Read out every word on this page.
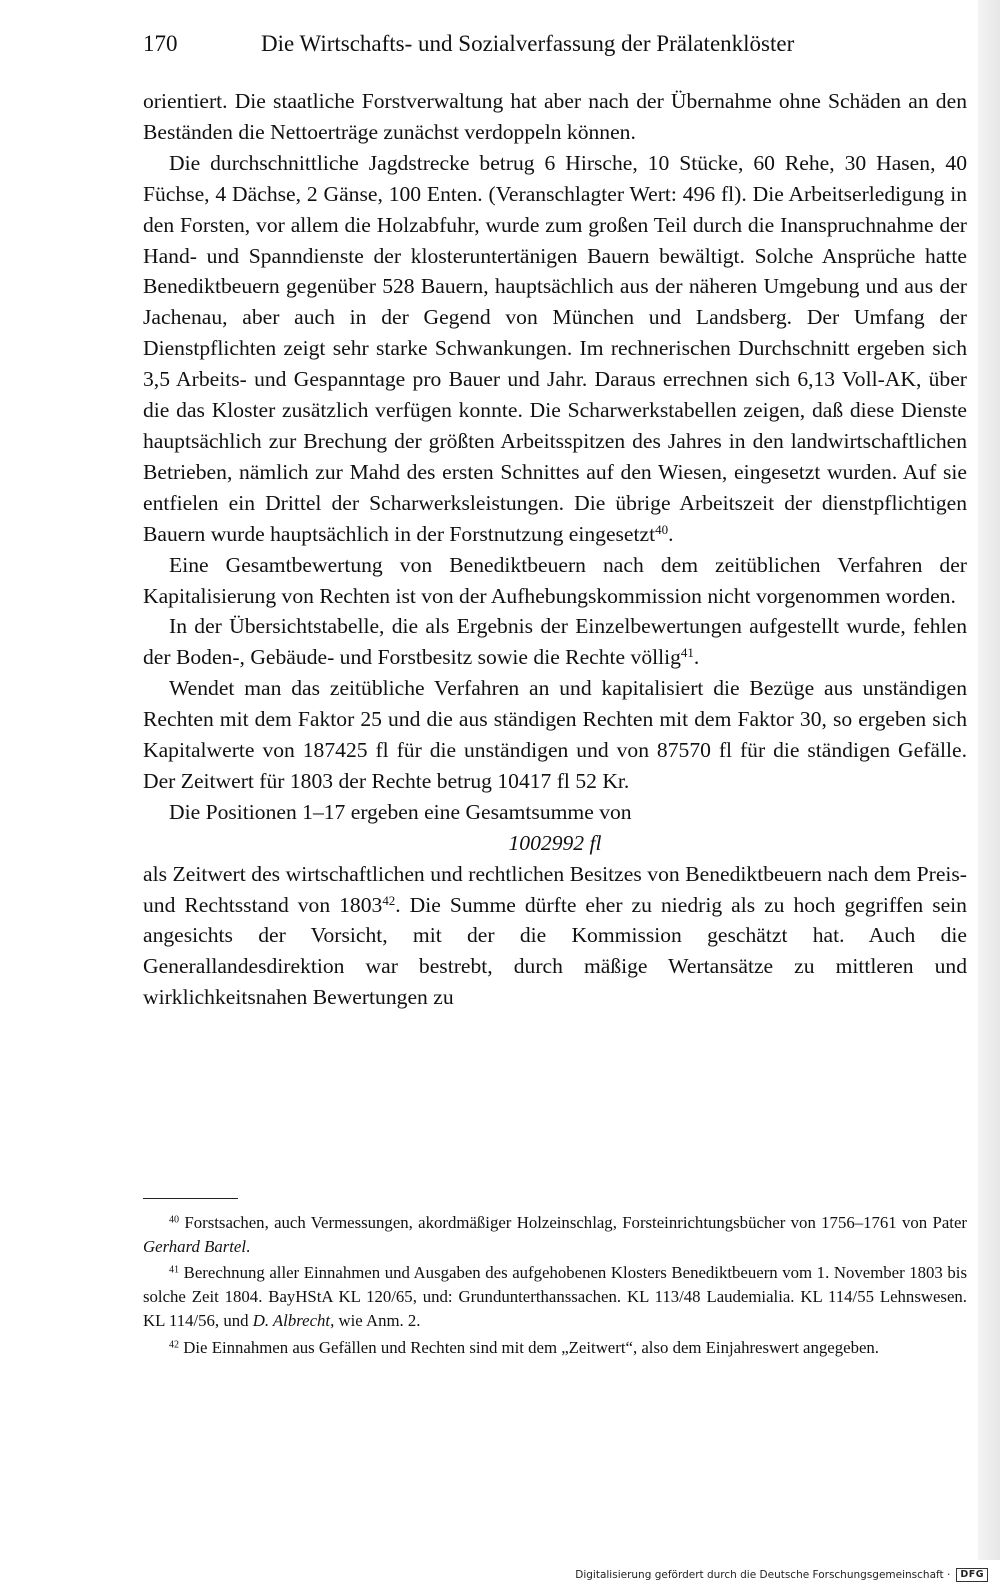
170	Die Wirtschafts- und Sozialverfassung der Prälatenklöster

orientiert. Die staatliche Forstverwaltung hat aber nach der Übernahme ohne Schäden an den Beständen die Nettoerträge zunächst verdoppeln können.

Die durchschnittliche Jagdstrecke betrug 6 Hirsche, 10 Stücke, 60 Rehe, 30 Hasen, 40 Füchse, 4 Dächse, 2 Gänse, 100 Enten. (Veranschlagter Wert: 496 fl). Die Arbeitserledigung in den Forsten, vor allem die Holzabfuhr, wurde zum großen Teil durch die Inanspruchnahme der Hand- und Spanndienste der klosteruntertänigen Bauern bewältigt. Solche Ansprüche hatte Benediktbeuern gegenüber 528 Bauern, hauptsächlich aus der näheren Umgebung und aus der Jachenau, aber auch in der Gegend von München und Landsberg. Der Umfang der Dienstpflichten zeigt sehr starke Schwankungen. Im rechnerischen Durchschnitt ergeben sich 3,5 Arbeits- und Gespanntage pro Bauer und Jahr. Daraus errechnen sich 6,13 Voll-AK, über die das Kloster zusätzlich verfügen konnte. Die Scharwerkstabellen zeigen, daß diese Dienste hauptsächlich zur Brechung der größten Arbeitsspitzen des Jahres in den landwirtschaftlichen Betrieben, nämlich zur Mahd des ersten Schnittes auf den Wiesen, eingesetzt wurden. Auf sie entfielen ein Drittel der Scharwerksleistungen. Die übrige Arbeitszeit der dienstpflichtigen Bauern wurde hauptsächlich in der Forstnutzung eingesetzt$^{40}$.

Eine Gesamtbewertung von Benediktbeuern nach dem zeitüblichen Verfahren der Kapitalisierung von Rechten ist von der Aufhebungskommission nicht vorgenommen worden.

In der Übersichtstabelle, die als Ergebnis der Einzelbewertungen aufgestellt wurde, fehlen der Boden-, Gebäude- und Forstbesitz sowie die Rechte völlig$^{41}$.

Wendet man das zeitübliche Verfahren an und kapitalisiert die Bezüge aus unständigen Rechten mit dem Faktor 25 und die aus ständigen Rechten mit dem Faktor 30, so ergeben sich Kapitalwerte von 187425 fl für die unständigen und von 87570 fl für die ständigen Gefälle. Der Zeitwert für 1803 der Rechte betrug 10417 fl 52 Kr.

Die Positionen 1–17 ergeben eine Gesamtsumme von

1002992 fl

als Zeitwert des wirtschaftlichen und rechtlichen Besitzes von Benediktbeuern nach dem Preis- und Rechtsstand von 1803$^{42}$. Die Summe dürfte eher zu niedrig als zu hoch gegriffen sein angesichts der Vorsicht, mit der die Kommission geschätzt hat. Auch die Generallandesdirektion war bestrebt, durch mäßige Wertansätze zu mittleren und wirklichkeitsnahen Bewertungen zu

$^{40}$ Forstsachen, auch Vermessungen, akordmäßiger Holzeinschlag, Forsteinrichtungsbücher von 1756–1761 von Pater Gerhard Bartel.

$^{41}$ Berechnung aller Einnahmen und Ausgaben des aufgehobenen Klosters Benediktbeuern vom 1. November 1803 bis solche Zeit 1804. BayHStA KL 120/65, und: Grundunterthanssachen. KL 113/48 Laudemialia. KL 114/55 Lehnswesen. KL 114/56, und D. Albrecht, wie Anm. 2.

$^{42}$ Die Einnahmen aus Gefällen und Rechten sind mit dem „Zeitwert“, also dem Einjahreswert angegeben.

Digitalisierung gefördert durch die Deutsche Forschungsgemeinschaft ·	DFG
